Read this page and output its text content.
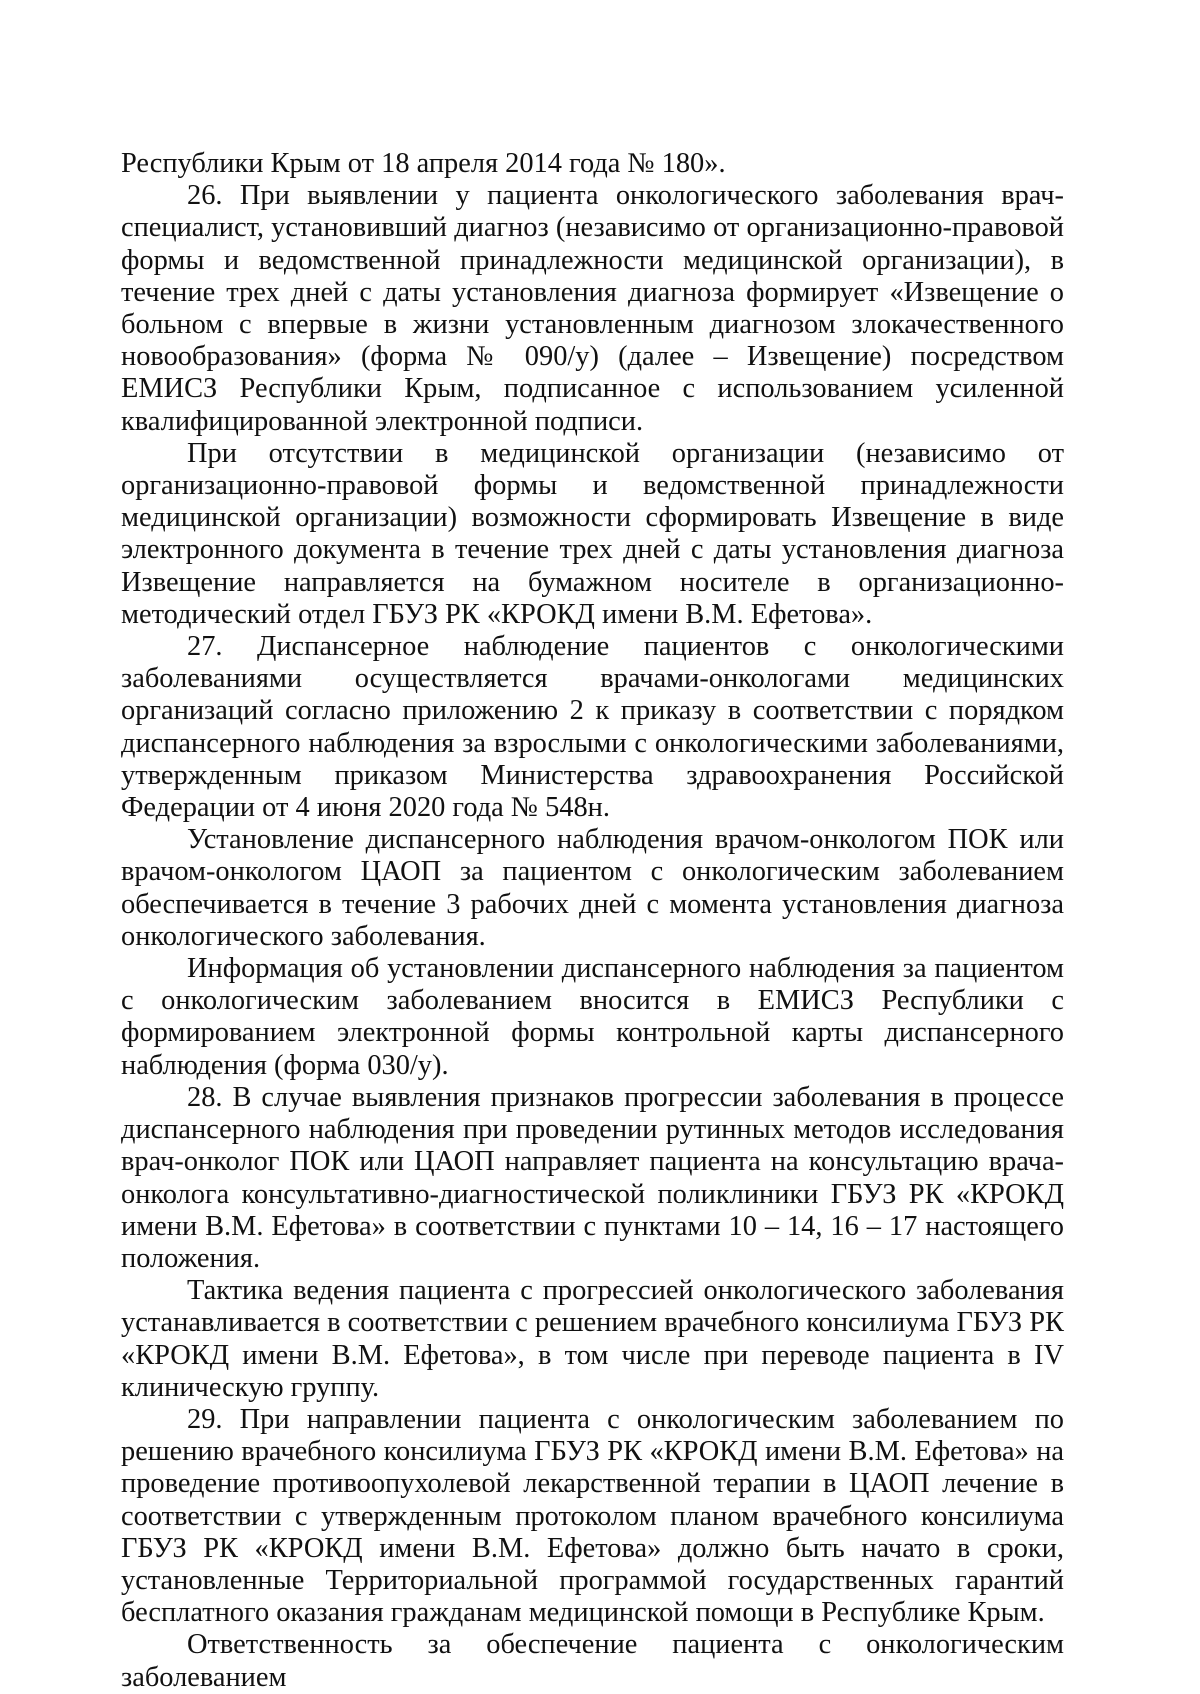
Республики Крым от 18 апреля 2014 года № 180».

26. При выявлении у пациента онкологического заболевания врач-специалист, установивший диагноз (независимо от организационно-правовой формы и ведомственной принадлежности медицинской организации), в течение трех дней с даты установления диагноза формирует «Извещение о больном с впервые в жизни установленным диагнозом злокачественного новообразования» (форма № 090/у) (далее – Извещение) посредством ЕМИСЗ Республики Крым, подписанное с использованием усиленной квалифицированной электронной подписи.

При отсутствии в медицинской организации (независимо от организационно-правовой формы и ведомственной принадлежности медицинской организации) возможности сформировать Извещение в виде электронного документа в течение трех дней с даты установления диагноза Извещение направляется на бумажном носителе в организационно-методический отдел ГБУЗ РК «КРОКД имени В.М. Ефетова».

27. Диспансерное наблюдение пациентов с онкологическими заболеваниями осуществляется врачами-онкологами медицинских организаций согласно приложению 2 к приказу в соответствии с порядком диспансерного наблюдения за взрослыми с онкологическими заболеваниями, утвержденным приказом Министерства здравоохранения Российской Федерации от 4 июня 2020 года № 548н.

Установление диспансерного наблюдения врачом-онкологом ПОК или врачом-онкологом ЦАОП за пациентом с онкологическим заболеванием обеспечивается в течение 3 рабочих дней с момента установления диагноза онкологического заболевания.

Информация об установлении диспансерного наблюдения за пациентом с онкологическим заболеванием вносится в ЕМИСЗ Республики с формированием электронной формы контрольной карты диспансерного наблюдения (форма 030/у).

28. В случае выявления признаков прогрессии заболевания в процессе диспансерного наблюдения при проведении рутинных методов исследования врач-онколог ПОК или ЦАОП направляет пациента на консультацию врача-онколога консультативно-диагностической поликлиники ГБУЗ РК «КРОКД имени В.М. Ефетова» в соответствии с пунктами 10 – 14, 16 – 17 настоящего положения.

Тактика ведения пациента с прогрессией онкологического заболевания устанавливается в соответствии с решением врачебного консилиума ГБУЗ РК «КРОКД имени В.М. Ефетова», в том числе при переводе пациента в IV клиническую группу.

29. При направлении пациента с онкологическим заболеванием по решению врачебного консилиума ГБУЗ РК «КРОКД имени В.М. Ефетова» на проведение противоопухолевой лекарственной терапии в ЦАОП лечение в соответствии с утвержденным протоколом планом врачебного консилиума ГБУЗ РК «КРОКД имени В.М. Ефетова» должно быть начато в сроки, установленные Территориальной программой государственных гарантий бесплатного оказания гражданам медицинской помощи в Республике Крым.

Ответственность за обеспечение пациента с онкологическим заболеванием
